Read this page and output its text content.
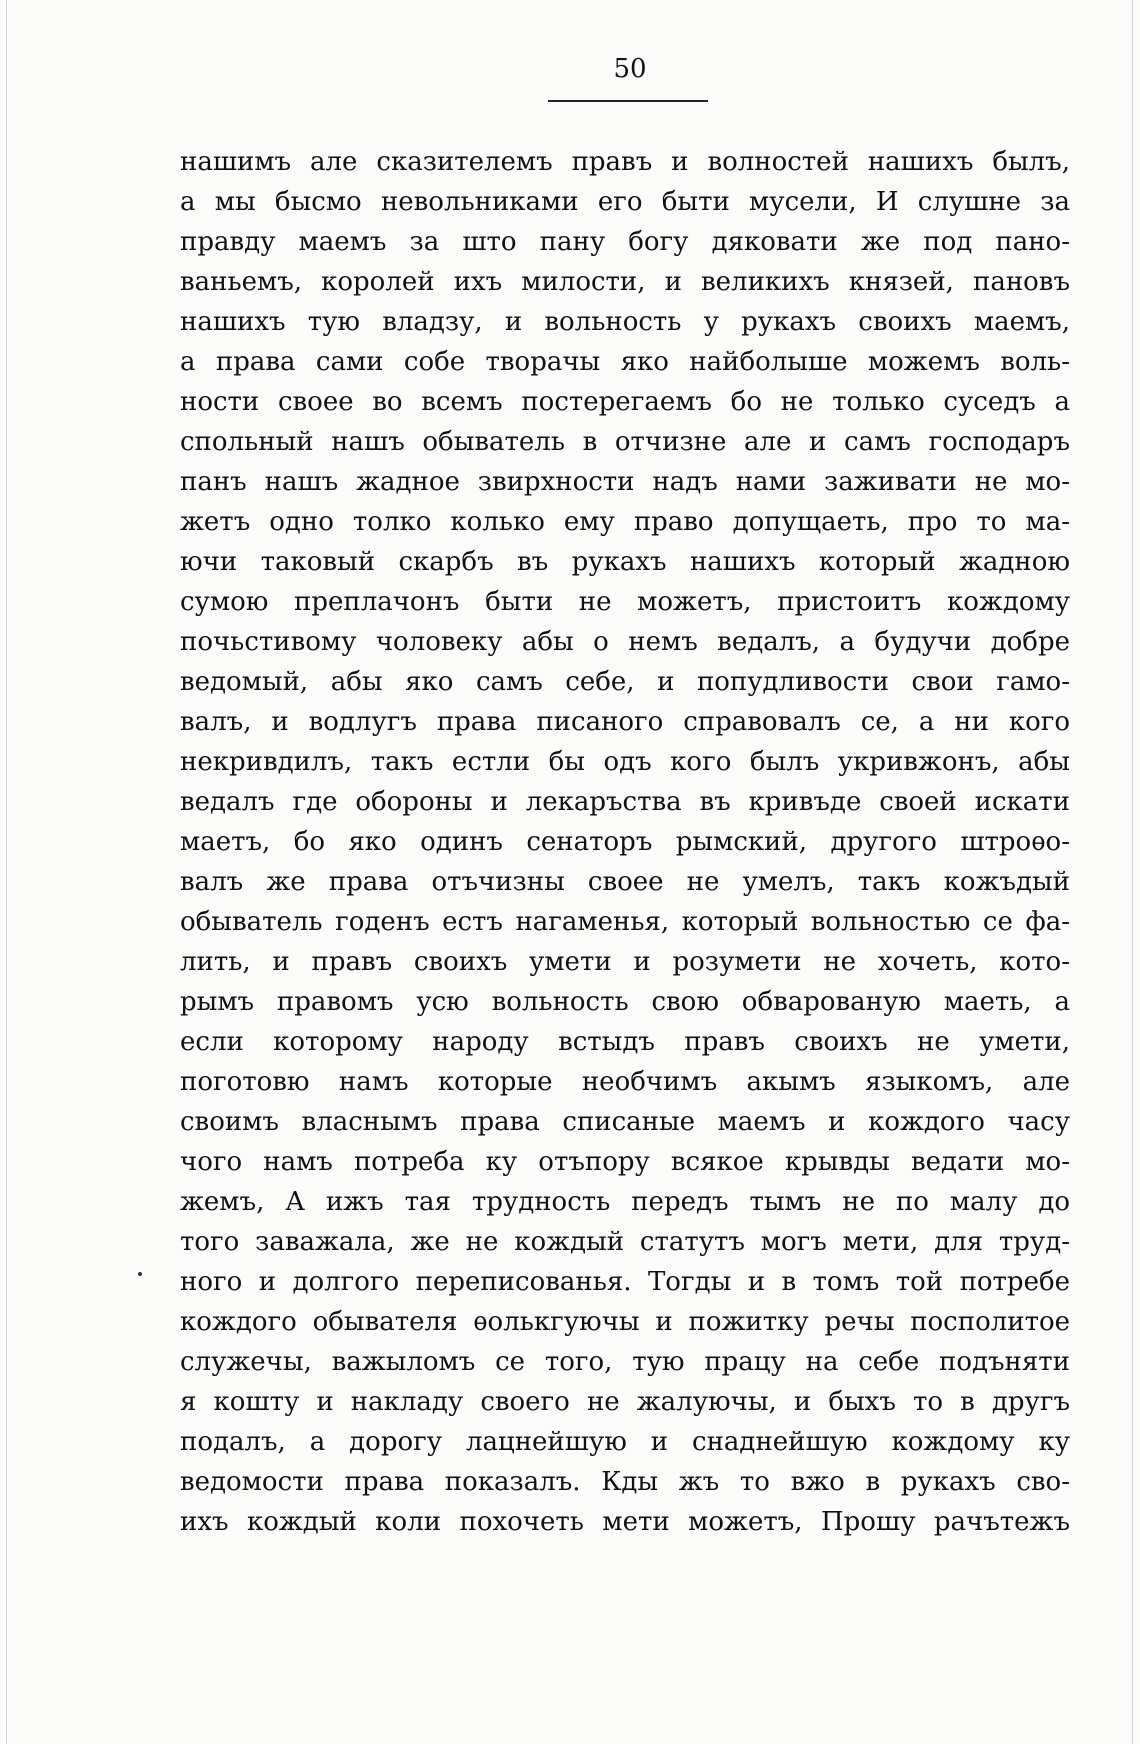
50
нашимъ але сказителемъ правъ и волностей нашихъ былъ,
а мы бысмо невольниками его быти мусели, И слушне за
правду маемъ за што пану богу дяковати же под пано-
ваньемъ, королей ихъ милости, и великихъ князей, пановъ
нашихъ тую владзу, и вольность у рукахъ своихъ маемъ,
а права сами собе творачы яко найболыше можемъ воль-
ности своее во всемъ постерегаемъ бо не только суседъ а
спольный нашъ обыватель в отчизне але и самъ господаръ
панъ нашъ жадное звирхности надъ нами заживати не мо-
жетъ одно толко колько ему право допущаеть, про то ма-
ючи таковый скарбъ въ рукахъ нашихъ который жадною
сумою преплачонъ быти не можетъ, пристоитъ кождому
почьстивому чоловеку абы о немъ ведалъ, а будучи добре
ведомый, абы яко самъ себе, и попудливости свои гамо-
валъ, и водлугъ права писаного справовалъ се, а ни кого
некривдилъ, такъ естли бы одъ кого былъ укривжонъ, абы
ведалъ где обороны и лекаръства въ кривъде своей искати
маетъ, бо яко одинъ сенаторъ рымский, другого штроѳо-
валъ же права отъчизны своее не умелъ, такъ кожъдый
обыватель годенъ естъ нагаменья, который вольностью се фа-
лить, и правъ своихъ умети и розумети не хочеть, кото-
рымъ правомъ усю вольность свою обварованую маеть, а
если которому народу встыдъ правъ своихъ не умети,
поготовю намъ которые необчимъ акымъ языкомъ, але
своимъ власнымъ права списаные маемъ и кождого часу
чого намъ потреба ку отъпору всякое крывды ведати мо-
жемъ, А ижъ тая трудность передъ тымъ не по малу до
того заважала, же не кождый статутъ могъ мети, для труд-
ного и долгого переписованья. Тогды и в томъ той потребе
кождого обывателя ѳолькгуючы и пожитку речы посполитое
служечы, важыломъ се того, тую працу на себе подъняти
я кошту и накладу своего не жалуючы, и быхъ то в другъ
подалъ, а дорогу лацнейшую и снаднейшую кождому ку
ведомости права показалъ. Кды жъ то вжо в рукахъ сво-
ихъ кождый коли похочеть мети можетъ, Прошу рачътежъ
